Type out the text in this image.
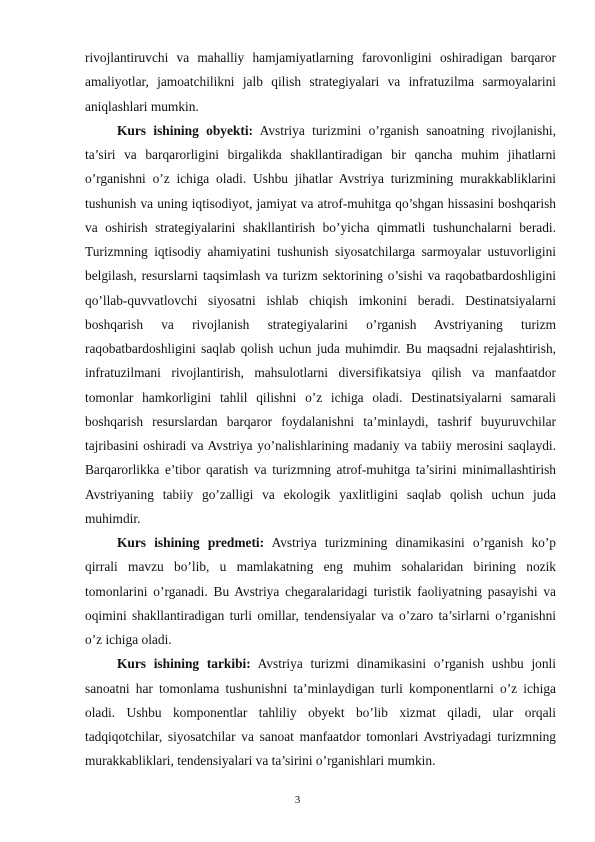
rivojlantiruvchi va mahalliy hamjamiyatlarning farovonligini oshiradigan barqaror amaliyotlar, jamoatchilikni jalb qilish strategiyalari va infratuzilma sarmoyalarini aniqlashlari mumkin.

Kurs ishining obyekti: Avstriya turizmini o’rganish sanoatning rivojlanishi, ta’siri va barqarorligini birgalikda shakllantiradigan bir qancha muhim jihatlarni o’rganishni o’z ichiga oladi. Ushbu jihatlar Avstriya turizmining murakkabliklarini tushunish va uning iqtisodiyot, jamiyat va atrof-muhitga qo’shgan hissasini boshqarish va oshirish strategiyalarini shakllantirish bo’yicha qimmatli tushunchalarni beradi. Turizmning iqtisodiy ahamiyatini tushunish siyosatchilarga sarmoyalar ustuvorligini belgilash, resurslarni taqsimlash va turizm sektorining o’sishi va raqobatbardoshligini qo’llab-quvvatlovchi siyosatni ishlab chiqish imkonini beradi. Destinatsiyalarni boshqarish va rivojlanish strategiyalarini o’rganish Avstriyaning turizm raqobatbardoshligini saqlab qolish uchun juda muhimdir. Bu maqsadni rejalashtirish, infratuzilmani rivojlantirish, mahsulotlarni diversifikatsiya qilish va manfaatdor tomonlar hamkorligini tahlil qilishni o’z ichiga oladi. Destinatsiyalarni samarali boshqarish resurslardan barqaror foydalanishni ta’minlaydi, tashrif buyuruvchilar tajribasini oshiradi va Avstriya yo’nalishlarining madaniy va tabiiy merosini saqlaydi. Barqarorlikka e’tibor qaratish va turizmning atrof-muhitga ta’sirini minimallashtirish Avstriyaning tabiiy go’zalligi va ekologik yaxlitligini saqlab qolish uchun juda muhimdir.

Kurs ishining predmeti: Avstriya turizmining dinamikasini o’rganish ko’p qirrali mavzu bo’lib, u mamlakatning eng muhim sohalaridan birining nozik tomonlarini o’rganadi. Bu Avstriya chegaralaridagi turistik faoliyatning pasayishi va oqimini shakllantiradigan turli omillar, tendensiyalar va o’zaro ta’sirlarni o’rganishni o’z ichiga oladi.

Kurs ishining tarkibi: Avstriya turizmi dinamikasini o’rganish ushbu jonli sanoatni har tomonlama tushunishni ta’minlaydigan turli komponentlarni o’z ichiga oladi. Ushbu komponentlar tahliliy obyekt bo’lib xizmat qiladi, ular orqali tadqiqotchilar, siyosatchilar va sanoat manfaatdor tomonlari Avstriyadagi turizmning murakkabliklari, tendensiyalari va ta’sirini o’rganishlari mumkin.

3
